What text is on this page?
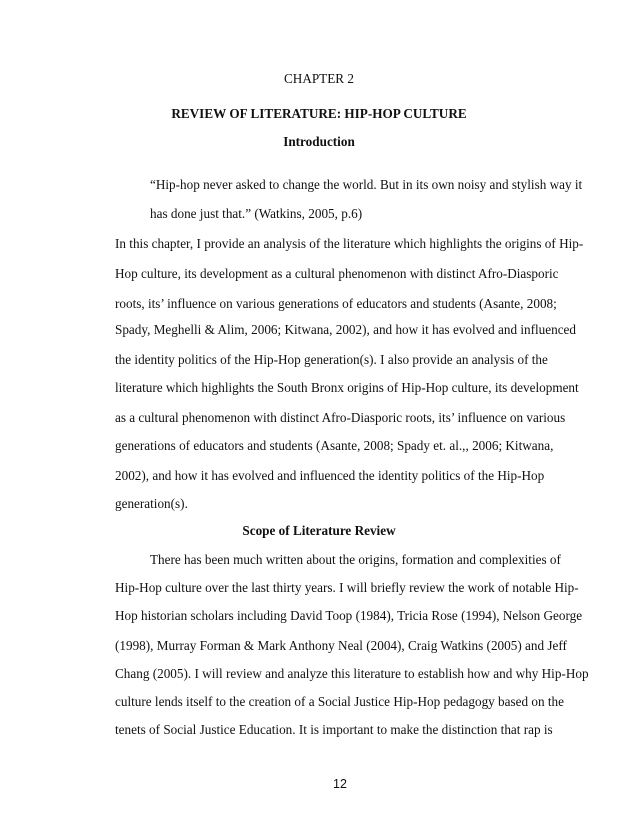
CHAPTER 2
REVIEW OF LITERATURE: HIP-HOP CULTURE
Introduction
“Hip-hop never asked to change the world. But in its own noisy and stylish way it
has done just that.” (Watkins, 2005, p.6)
In this chapter, I provide an analysis of the literature which highlights the origins of Hip-
Hop culture, its development as a cultural phenomenon with distinct Afro-Diasporic
roots, its’ influence on various generations of educators and students (Asante, 2008;
Spady, Meghelli & Alim, 2006; Kitwana, 2002), and how it has evolved and influenced
the identity politics of the Hip-Hop generation(s). I also provide an analysis of the
literature which highlights the South Bronx origins of Hip-Hop culture, its development
as a cultural phenomenon with distinct Afro-Diasporic roots, its’ influence on various
generations of educators and students (Asante, 2008; Spady et. al.,, 2006; Kitwana,
2002), and how it has evolved and influenced the identity politics of the Hip-Hop
generation(s).
Scope of Literature Review
There has been much written about the origins, formation and complexities of
Hip-Hop culture over the last thirty years. I will briefly review the work of notable Hip-
Hop historian scholars including David Toop (1984), Tricia Rose (1994), Nelson George
(1998), Murray Forman & Mark Anthony Neal (2004), Craig Watkins (2005) and Jeff
Chang (2005). I will review and analyze this literature to establish how and why Hip-Hop
culture lends itself to the creation of a Social Justice Hip-Hop pedagogy based on the
tenets of Social Justice Education. It is important to make the distinction that rap is
12
